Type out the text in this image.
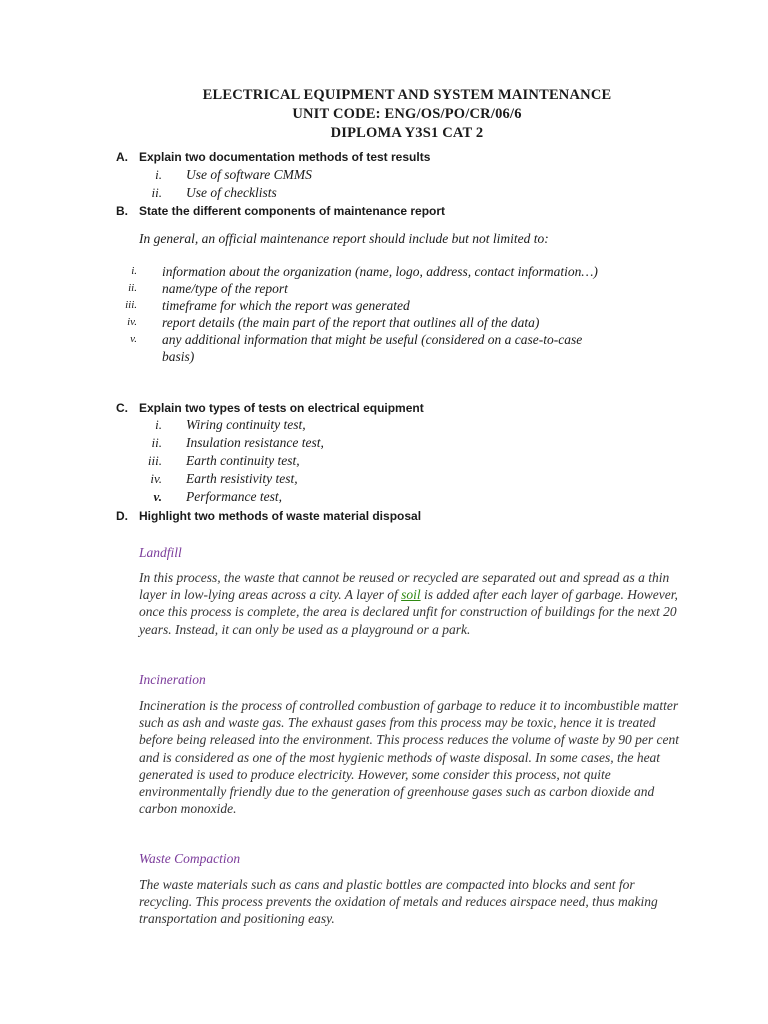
ELECTRICAL EQUIPMENT AND SYSTEM MAINTENANCE
UNIT CODE: ENG/OS/PO/CR/06/6
DIPLOMA Y3S1 CAT 2
A. Explain two documentation methods of test results
i. Use of software CMMS
ii. Use of checklists
B. State the different components of maintenance report
In general, an official maintenance report should include but not limited to:
i. information about the organization (name, logo, address, contact information…)
ii. name/type of the report
iii. timeframe for which the report was generated
iv. report details (the main part of the report that outlines all of the data)
v. any additional information that might be useful (considered on a case-to-case
basis)
C. Explain two types of tests on electrical equipment
i. Wiring continuity test,
ii. Insulation resistance test,
iii. Earth continuity test,
iv. Earth resistivity test,
v. Performance test,
D. Highlight two methods of waste material disposal
Landfill
In this process, the waste that cannot be reused or recycled are separated out and spread as a thin layer in low-lying areas across a city. A layer of soil is added after each layer of garbage. However, once this process is complete, the area is declared unfit for construction of buildings for the next 20 years. Instead, it can only be used as a playground or a park.
Incineration
Incineration is the process of controlled combustion of garbage to reduce it to incombustible matter such as ash and waste gas. The exhaust gases from this process may be toxic, hence it is treated before being released into the environment. This process reduces the volume of waste by 90 per cent and is considered as one of the most hygienic methods of waste disposal. In some cases, the heat generated is used to produce electricity. However, some consider this process, not quite environmentally friendly due to the generation of greenhouse gases such as carbon dioxide and carbon monoxide.
Waste Compaction
The waste materials such as cans and plastic bottles are compacted into blocks and sent for recycling. This process prevents the oxidation of metals and reduces airspace need, thus making transportation and positioning easy.
